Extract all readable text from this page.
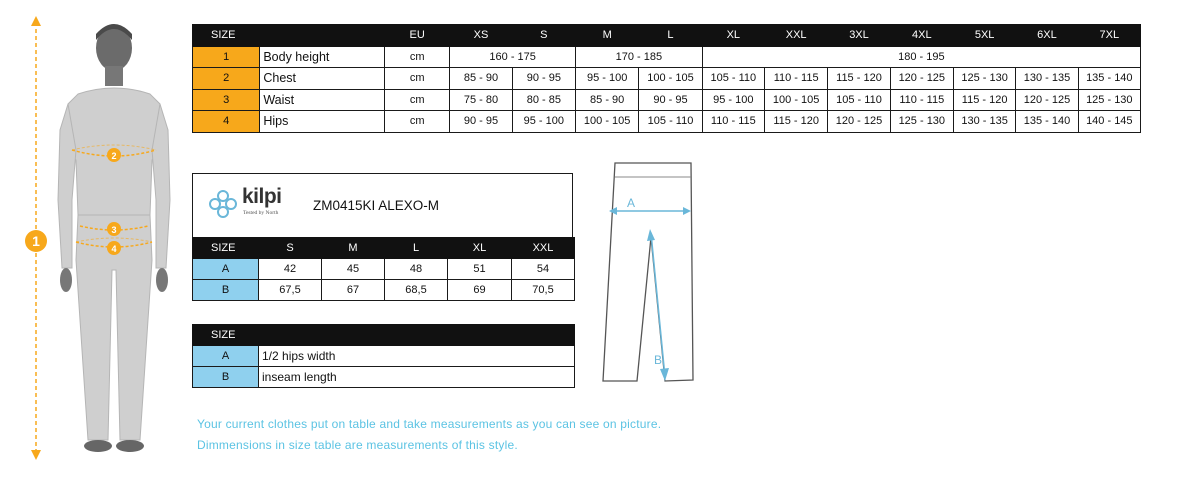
1
2
3
4
SIZE		EU	XS	S	M	L	XL	XXL	3XL	4XL	5XL	6XL	7XL
1	Body height	cm	160 - 175		170 - 185		180 - 195						
2	Chest	cm	85 - 90	90 - 95	95 - 100	100 - 105	105 - 110	110 - 115	115 - 120	120 - 125	125 - 130	130 - 135	135 - 140
3	Waist	cm	75 - 80	80 - 85	85 - 90	90 - 95	95 - 100	100 - 105	105 - 110	110 - 115	115 - 120	120 - 125	125 - 130
4	Hips	cm	90 - 95	95 - 100	100 - 105	105 - 110	110 - 115	115 - 120	120 - 125	125 - 130	130 - 135	135 - 140	140 - 145
kilpi
Tested by North	ZM0415KI ALEXO-M
SIZE	S	M	L	XL	XXL
A	42	45	48	51	54
B	67,5	67	68,5	69	70,5
SIZE	
A	1/2 hips width
B	inseam length
A
B
Your current clothes put on table and take measurements as you can see on picture.
Dimmensions in size table are measurements of this style.
